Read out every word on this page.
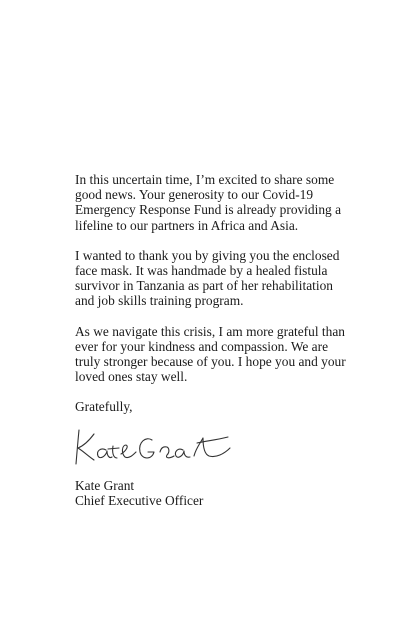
In this uncertain time, I’m excited to share some
good news. Your generosity to our Covid-19
Emergency Response Fund is already providing a
lifeline to our partners in Africa and Asia.

I wanted to thank you by giving you the enclosed
face mask. It was handmade by a healed fistula
survivor in Tanzania as part of her rehabilitation
and job skills training program.

As we navigate this crisis, I am more grateful than
ever for your kindness and compassion. We are
truly stronger because of you. I hope you and your
loved ones stay well.

Gratefully,

Kate Grant
Chief Executive Officer
